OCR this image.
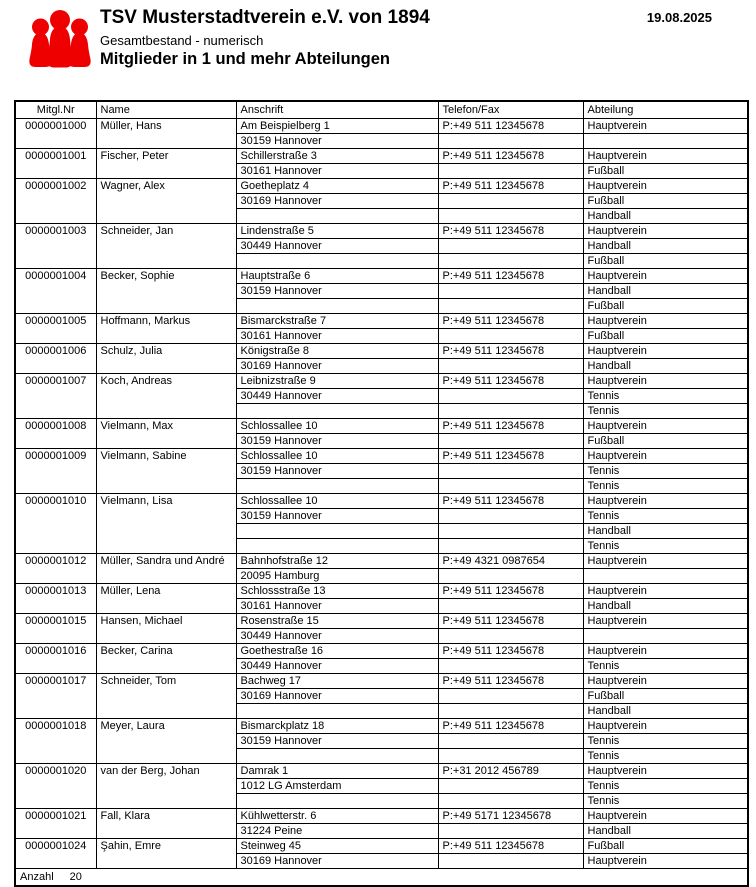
TSV Musterstadtverein e.V. von 1894
Gesamtbestand - numerisch
Mitglieder in 1 und mehr Abteilungen
19.08.2025
Mitgl.Nr	Name	Anschrift	Telefon/Fax	Abteilung
0000001000	Müller, Hans	Am Beispielberg 1	P:+49 511 12345678	Hauptverein
		30159 Hannover		
0000001001	Fischer, Peter	Schillerstraße 3	P:+49 511 12345678	Hauptverein
		30161 Hannover		Fußball
0000001002	Wagner, Alex	Goetheplatz 4	P:+49 511 12345678	Hauptverein
		30169 Hannover		Fußball
				Handball
0000001003	Schneider, Jan	Lindenstraße 5	P:+49 511 12345678	Hauptverein
		30449 Hannover		Handball
				Fußball
0000001004	Becker, Sophie	Hauptstraße 6	P:+49 511 12345678	Hauptverein
		30159 Hannover		Handball
				Fußball
0000001005	Hoffmann, Markus	Bismarckstraße 7	P:+49 511 12345678	Hauptverein
		30161 Hannover		Fußball
0000001006	Schulz, Julia	Königstraße 8	P:+49 511 12345678	Hauptverein
		30169 Hannover		Handball
0000001007	Koch, Andreas	Leibnizstraße 9	P:+49 511 12345678	Hauptverein
		30449 Hannover		Tennis
				Tennis
0000001008	Vielmann, Max	Schlossallee 10	P:+49 511 12345678	Hauptverein
		30159 Hannover		Fußball
0000001009	Vielmann, Sabine	Schlossallee 10	P:+49 511 12345678	Hauptverein
		30159 Hannover		Tennis
				Tennis
0000001010	Vielmann, Lisa	Schlossallee 10	P:+49 511 12345678	Hauptverein
		30159 Hannover		Tennis
				Handball
				Tennis
0000001012	Müller, Sandra und André	Bahnhofstraße 12	P:+49 4321 0987654	Hauptverein
		20095 Hamburg		
0000001013	Müller, Lena	Schlossstraße 13	P:+49 511 12345678	Hauptverein
		30161 Hannover		Handball
0000001015	Hansen, Michael	Rosenstraße 15	P:+49 511 12345678	Hauptverein
		30449 Hannover		
0000001016	Becker, Carina	Goethestraße 16	P:+49 511 12345678	Hauptverein
		30449 Hannover		Tennis
0000001017	Schneider, Tom	Bachweg 17	P:+49 511 12345678	Hauptverein
		30169 Hannover		Fußball
				Handball
0000001018	Meyer, Laura	Bismarckplatz 18	P:+49 511 12345678	Hauptverein
		30159 Hannover		Tennis
				Tennis
0000001020	van der Berg, Johan	Damrak 1	P:+31 2012 456789	Hauptverein
		1012 LG Amsterdam		Tennis
				Tennis
0000001021	Fall, Klara	Kühlwetterstr. 6	P:+49 5171 12345678	Hauptverein
		31224 Peine		Handball
0000001024	Şahin, Emre	Steinweg 45	P:+49 511 12345678	Fußball
		30169 Hannover		Hauptverein
Anzahl 20				
